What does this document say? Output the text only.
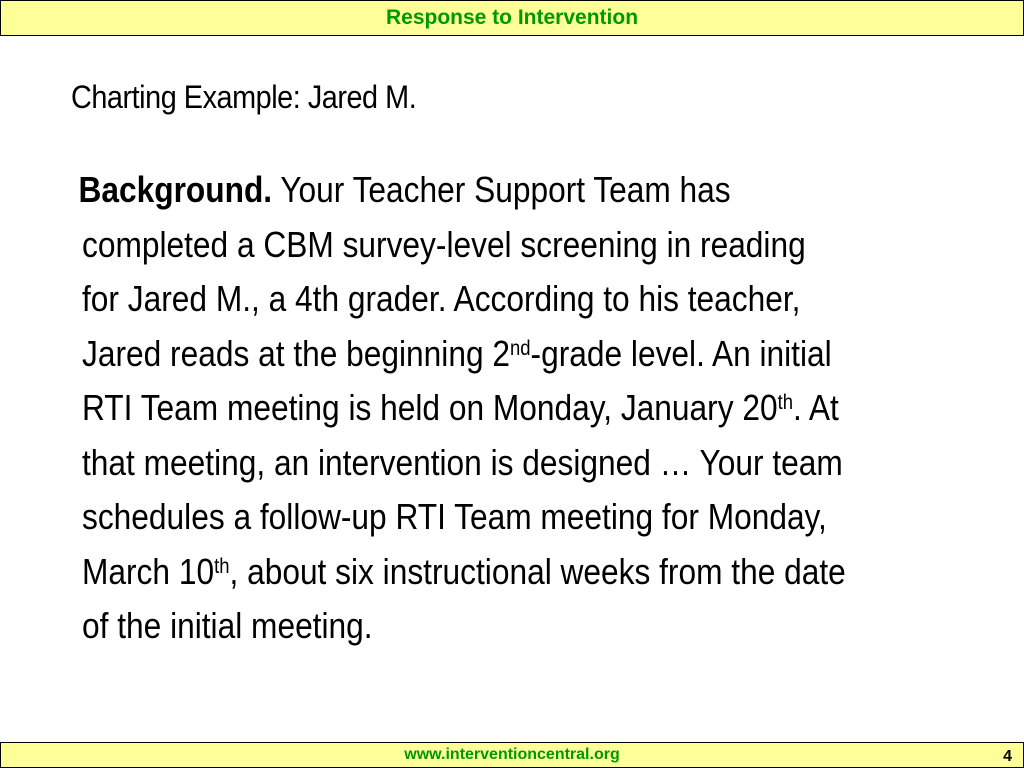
Response to Intervention
Charting Example: Jared M.
Background. Your Teacher Support Team has
completed a CBM survey-level screening in reading
for Jared M., a 4th grader. According to his teacher,
Jared reads at the beginning 2nd-grade level. An initial
RTI Team meeting is held on Monday, January 20th. At
that meeting, an intervention is designed … Your team
schedules a follow-up RTI Team meeting for Monday,
March 10th, about six instructional weeks from the date
of the initial meeting.
www.interventioncentral.org	4
